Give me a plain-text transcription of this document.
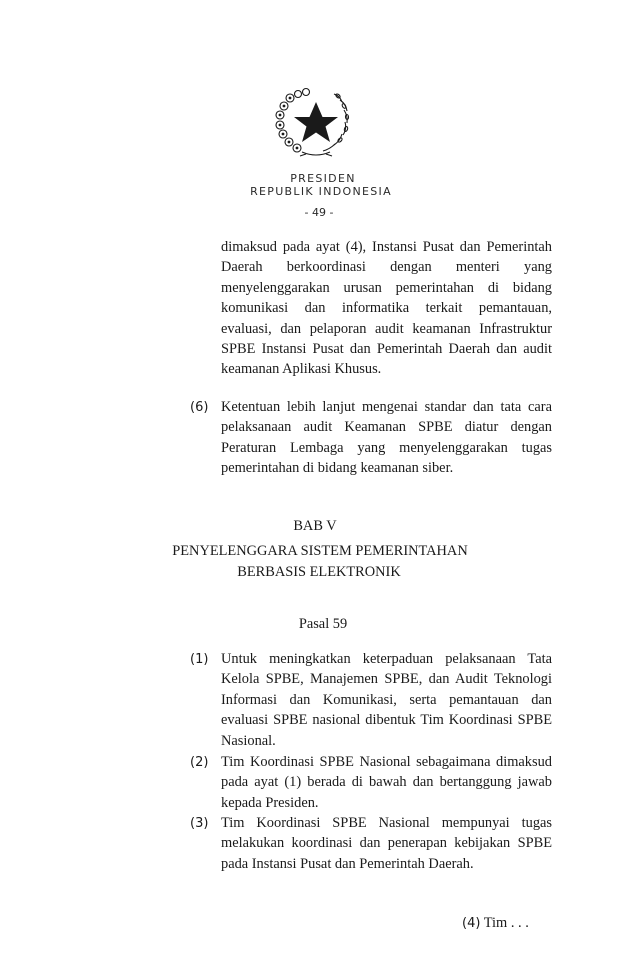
PRESIDEN
REPUBLIK INDONESIA
- 49 -
dimaksud pada ayat (4), Instansi Pusat dan Pemerintah Daerah berkoordinasi dengan menteri yang menyelenggarakan urusan pemerintahan di bidang komunikasi dan informatika terkait pemantauan, evaluasi, dan pelaporan audit keamanan Infrastruktur SPBE Instansi Pusat dan Pemerintah Daerah dan audit keamanan Aplikasi Khusus.
(6) Ketentuan lebih lanjut mengenai standar dan tata cara pelaksanaan audit Keamanan SPBE diatur dengan Peraturan Lembaga yang menyelenggarakan tugas pemerintahan di bidang keamanan siber.
BAB V
PENYELENGGARA SISTEM PEMERINTAHAN
BERBASIS ELEKTRONIK
Pasal 59
(1) Untuk meningkatkan keterpaduan pelaksanaan Tata Kelola SPBE, Manajemen SPBE, dan Audit Teknologi Informasi dan Komunikasi, serta pemantauan dan evaluasi SPBE nasional dibentuk Tim Koordinasi SPBE Nasional.
(2) Tim Koordinasi SPBE Nasional sebagaimana dimaksud pada ayat (1) berada di bawah dan bertanggung jawab kepada Presiden.
(3) Tim Koordinasi SPBE Nasional mempunyai tugas melakukan koordinasi dan penerapan kebijakan SPBE pada Instansi Pusat dan Pemerintah Daerah.
(4) Tim . . .
